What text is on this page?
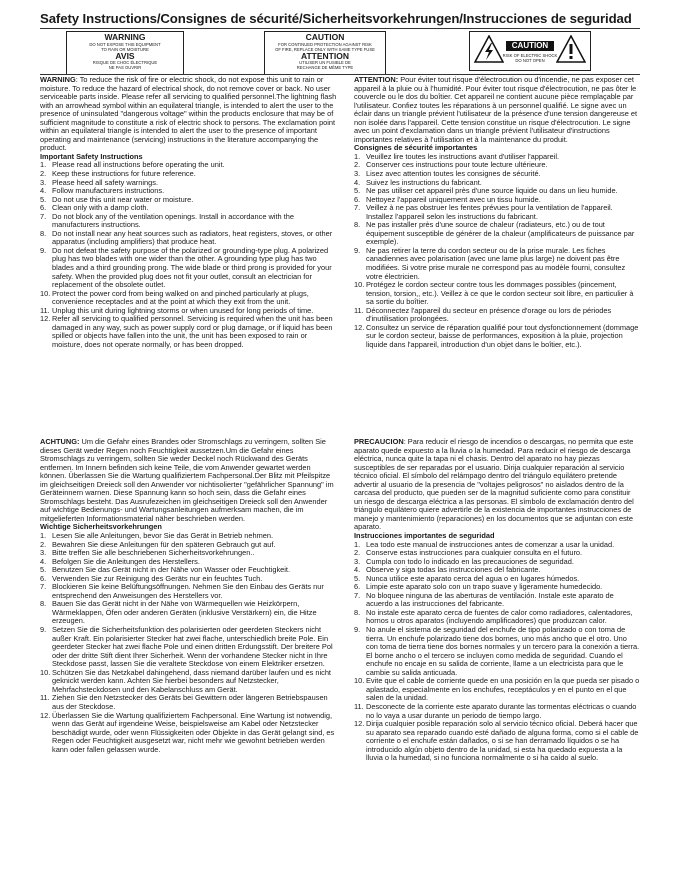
Safety Instructions/Consignes de sécurité/Sicherheitsvorkehrungen/Instrucciones de seguridad
WARNING
DO NOT EXPOSE THIS EQUIPMENT
TO RAIN OR MOISTURE
AVIS
RISQUE DE CHOC ÉLECTRIQUE
NE PAS OUVRIR
CAUTION
FOR CONTINUED PROTECTION AGAINST RISK
OF FIRE, REPLACE ONLY WITH SAME TYPE FUSE
ATTENTION
UTILISER UN FUSIBLE DE
RECHANGE DE MÊME TYPE
CAUTION
RISK OF ELECTRIC SHOCK
DO NOT OPEN

WARNING: To reduce the risk of fire or electric shock, do not expose this unit to rain or moisture. To reduce the hazard of electrical shock, do not remove cover or back. No user serviceable parts inside. Please refer all servicing to qualified personnel.The lightning flash with an arrowhead symbol within an equilateral triangle, is intended to alert the user to the presence of uninsulated "dangerous voltage" within the products enclosure that may be of sufficient magnitude to constitute a risk of electric shock to persons. The exclamation point within an equilateral triangle is intended to alert the user to the presence of important operating and maintenance (servicing) instructions in the literature accompanying the product.

Important Safety Instructions
1. Please read all instructions before operating the unit.
2. Keep these instructions for future reference.
3. Please heed all safety warnings.
4. Follow manufacturers instructions.
5. Do not use this unit near water or moisture.
6. Clean only with a damp cloth.
7. Do not block any of the ventilation openings. Install in accordance with the manufacturers instructions.
8. Do not install near any heat sources such as radiators, heat registers, stoves, or other apparatus (including amplifiers) that produce heat.
9. Do not defeat the safety purpose of the polarized or grounding-type plug. A polarized plug has two blades with one wider than the other. A grounding type plug has two blades and a third grounding prong. The wide blade or third prong is provided for your safety. When the provided plug does not fit your outlet, consult an electrician for replacement of the obsolete outlet.
10. Protect the power cord from being walked on and pinched particularly at plugs, convenience receptacles and at the point at which they exit from the unit.
11. Unplug this unit during lightning storms or when unused for long periods of time.
12. Refer all servicing to qualified personnel. Servicing is required when the unit has been damaged in any way, such as power supply cord or plug damage, or if liquid has been spilled or objects have fallen into the unit, the unit has been exposed to rain or moisture, does not operate normally, or has been dropped.

ATTENTION: Pour éviter tout risque d'électrocution ou d'incendie, ne pas exposer cet appareil à la pluie ou à l'humidité. Pour éviter tout risque d'électrocution, ne pas ôter le couvercle ou le dos du boîtier. Cet appareil ne contient aucune pièce remplaçable par l'utilisateur. Confiez toutes les réparations à un personnel qualifié. Le signe avec un éclair dans un triangle prévient l'utilisateur de la présence d'une tension dangereuse et non isolée dans l'appareil. Cette tension constitue un risque d'électrocution. Le signe avec un point d'exclamation dans un triangle prévient l'utilisateur d'instructions importantes relatives à l'utilisation et à la maintenance du produit.

Consignes de sécurité importantes
1. Veuillez lire toutes les instructions avant d'utiliser l'appareil.
2. Conserver ces instructions pour toute lecture ultérieure.
3. Lisez avec attention toutes les consignes de sécurité.
4. Suivez les instructions du fabricant.
5. Ne pas utiliser cet appareil près d'une source liquide ou dans un lieu humide.
6. Nettoyez l'appareil uniquement avec un tissu humide.
7. Veillez à ne pas obstruer les fentes prévues pour la ventilation de l'appareil. Installez l'appareil selon les instructions du fabricant.
8. Ne pas installer près d'une source de chaleur (radiateurs, etc.) ou de tout équipement susceptible de générer de la chaleur (amplificateurs de puissance par exemple).
9. Ne pas retirer la terre du cordon secteur ou de la prise murale. Les fiches canadiennes avec polarisation (avec une lame plus large) ne doivent pas être modifiées. Si votre prise murale ne correspond pas au modèle fourni, consultez votre électricien.
10. Protégez le cordon secteur contre tous les dommages possibles (pincement, tension, torsion,, etc.). Veillez à ce que le cordon secteur soit libre, en particulier à sa sortie du boîtier.
11. Déconnectez l'appareil du secteur en présence d'orage ou lors de périodes d'inutilisation prolongées.
12. Consultez un service de réparation qualifié pour tout dysfonctionnement (dommage sur le cordon secteur, baisse de performances, exposition à la pluie, projection liquide dans l'appareil, introduction d'un objet dans le boîtier, etc.).

ACHTUNG: Um die Gefahr eines Brandes oder Stromschlags zu verringern, sollten Sie dieses Gerät weder Regen noch Feuchtigkeit aussetzen.Um die Gefahr eines Stromschlags zu verringern, sollten Sie weder Deckel noch Rückwand des Geräts entfernen. Im Innern befinden sich keine Teile, die vom Anwender gewartet werden können. Überlassen Sie die Wartung qualifiziertem Fachpersonal.Der Blitz mit Pfeilspitze im gleichseitigen Dreieck soll den Anwender vor nichtisolierter "gefährlicher Spannung" im Geräteinnern warnen. Diese Spannung kann so hoch sein, dass die Gefahr eines Stromschlags besteht. Das Ausrufezeichen im gleichseitigen Dreieck soll den Anwender auf wichtige Bedienungs- und Wartungsanleitungen aufmerksam machen, die im mitgelieferten Informationsmaterial näher beschrieben werden.

Wichtige Sicherheitsvorkehrungen
1. Lesen Sie alle Anleitungen, bevor Sie das Gerät in Betrieb nehmen.
2. Bewahren Sie diese Anleitungen für den späteren Gebrauch gut auf.
3. Bitte treffen Sie alle beschriebenen Sicherheitsvorkehrungen..
4. Befolgen Sie die Anleitungen des Herstellers.
5. Benutzen Sie das Gerät nicht in der Nähe von Wasser oder Feuchtigkeit.
6. Verwenden Sie zur Reinigung des Geräts nur ein feuchtes Tuch.
7. Blockieren Sie keine Belüftungsöffnungen. Nehmen Sie den Einbau des Geräts nur entsprechend den Anweisungen des Herstellers vor.
8. Bauen Sie das Gerät nicht in der Nähe von Wärmequellen wie Heizkörpern, Wärmeklappen, Öfen oder anderen Geräten (inklusive Verstärkern) ein, die Hitze erzeugen.
9. Setzen Sie die Sicherheitsfunktion des polarisierten oder geerdeten Steckers nicht außer Kraft. Ein polarisierter Stecker hat zwei flache, unterschiedlich breite Pole. Ein geerdeter Stecker hat zwei flache Pole und einen dritten Erdungsstift. Der breitere Pol oder der dritte Stift dient Ihrer Sicherheit. Wenn der vorhandene Stecker nicht in Ihre Steckdose passt, lassen Sie die veraltete Steckdose von einem Elektriker ersetzen.
10. Schützen Sie das Netzkabel dahingehend, dass niemand darüber laufen und es nicht geknickt werden kann. Achten Sie hierbei besonders auf Netzstecker, Mehrfachsteckdosen und den Kabelanschluss am Gerät.
11. Ziehen Sie den Netzstecker des Geräts bei Gewittern oder längeren Betriebspausen aus der Steckdose.
12. Überlassen Sie die Wartung qualifiziertem Fachpersonal. Eine Wartung ist notwendig, wenn das Gerät auf irgendeine Weise, beispielsweise am Kabel oder Netzstecker beschädigt wurde, oder wenn Flüssigkeiten oder Objekte in das Gerät gelangt sind, es Regen oder Feuchtigkeit ausgesetzt war, nicht mehr wie gewohnt betrieben werden kann oder fallen gelassen wurde.

PRECAUCION: Para reducir el riesgo de incendios o descargas, no permita que este aparato quede expuesto a la lluvia o la humedad. Para reducir el riesgo de descarga eléctrica, nunca quite la tapa ni el chasis. Dentro del aparato no hay piezas susceptibles de ser reparadas por el usuario. Dirija cualquier reparación al servicio técnico oficial. El símbolo del relámpago dentro del triángulo equilátero pretende advertir al usuario de la presencia de "voltajes peligrosos" no aislados dentro de la carcasa del producto, que pueden ser de la magnitud suficiente como para constituir un riesgo de descarga eléctrica a las personas. El símbolo de exclamación dentro del triángulo equilátero quiere advertirle de la existencia de importantes instrucciones de manejo y mantenimiento (reparaciones) en los documentos que se adjuntan con este aparato.

Instrucciones importantes de seguridad
1. Lea todo este manual de instrucciones antes de comenzar a usar la unidad.
2. Conserve estas instrucciones para cualquier consulta en el futuro.
3. Cumpla con todo lo indicado en las precauciones de seguridad.
4. Observe y siga todas las instrucciones del fabricante.
5. Nunca utilice este aparato cerca del agua o en lugares húmedos.
6. Limpie este aparato solo con un trapo suave y ligeramente humedecido.
7. No bloquee ninguna de las aberturas de ventilación. Instale este aparato de acuerdo a las instrucciones del fabricante.
8. No instale este aparato cerca de fuentes de calor como radiadores, calentadores, hornos u otros aparatos (incluyendo amplificadores) que produzcan calor.
9. No anule el sistema de seguridad del enchufe de tipo polarizado o con toma de tierra. Un enchufe polarizado tiene dos bornes, uno más ancho que el otro. Uno con toma de tierra tiene dos bornes normales y un tercero para la conexión a tierra. El borne ancho o el tercero se incluyen como medida de seguridad. Cuando el enchufe no encaje en su salida de corriente, llame a un electricista para que le cambie su salida anticuada.
10. Evite que el cable de corriente quede en una posición en la que pueda ser pisado o aplastado, especialmente en los enchufes, receptáculos y en el punto en el que salen de la unidad.
11. Desconecte de la corriente este aparato durante las tormentas eléctricas o cuando no lo vaya a usar durante un periodo de tiempo largo.
12. Dirija cualquier posible reparación solo al servicio técnico oficial. Deberá hacer que su aparato sea reparado cuando esté dañado de alguna forma, como si el cable de corriente o el enchufe están dañados, o si se han derramado líquidos o se ha introducido algún objeto dentro de la unidad, si esta ha quedado expuesta a la lluvia o la humedad, si no funciona normalmente o si ha caído al suelo.
